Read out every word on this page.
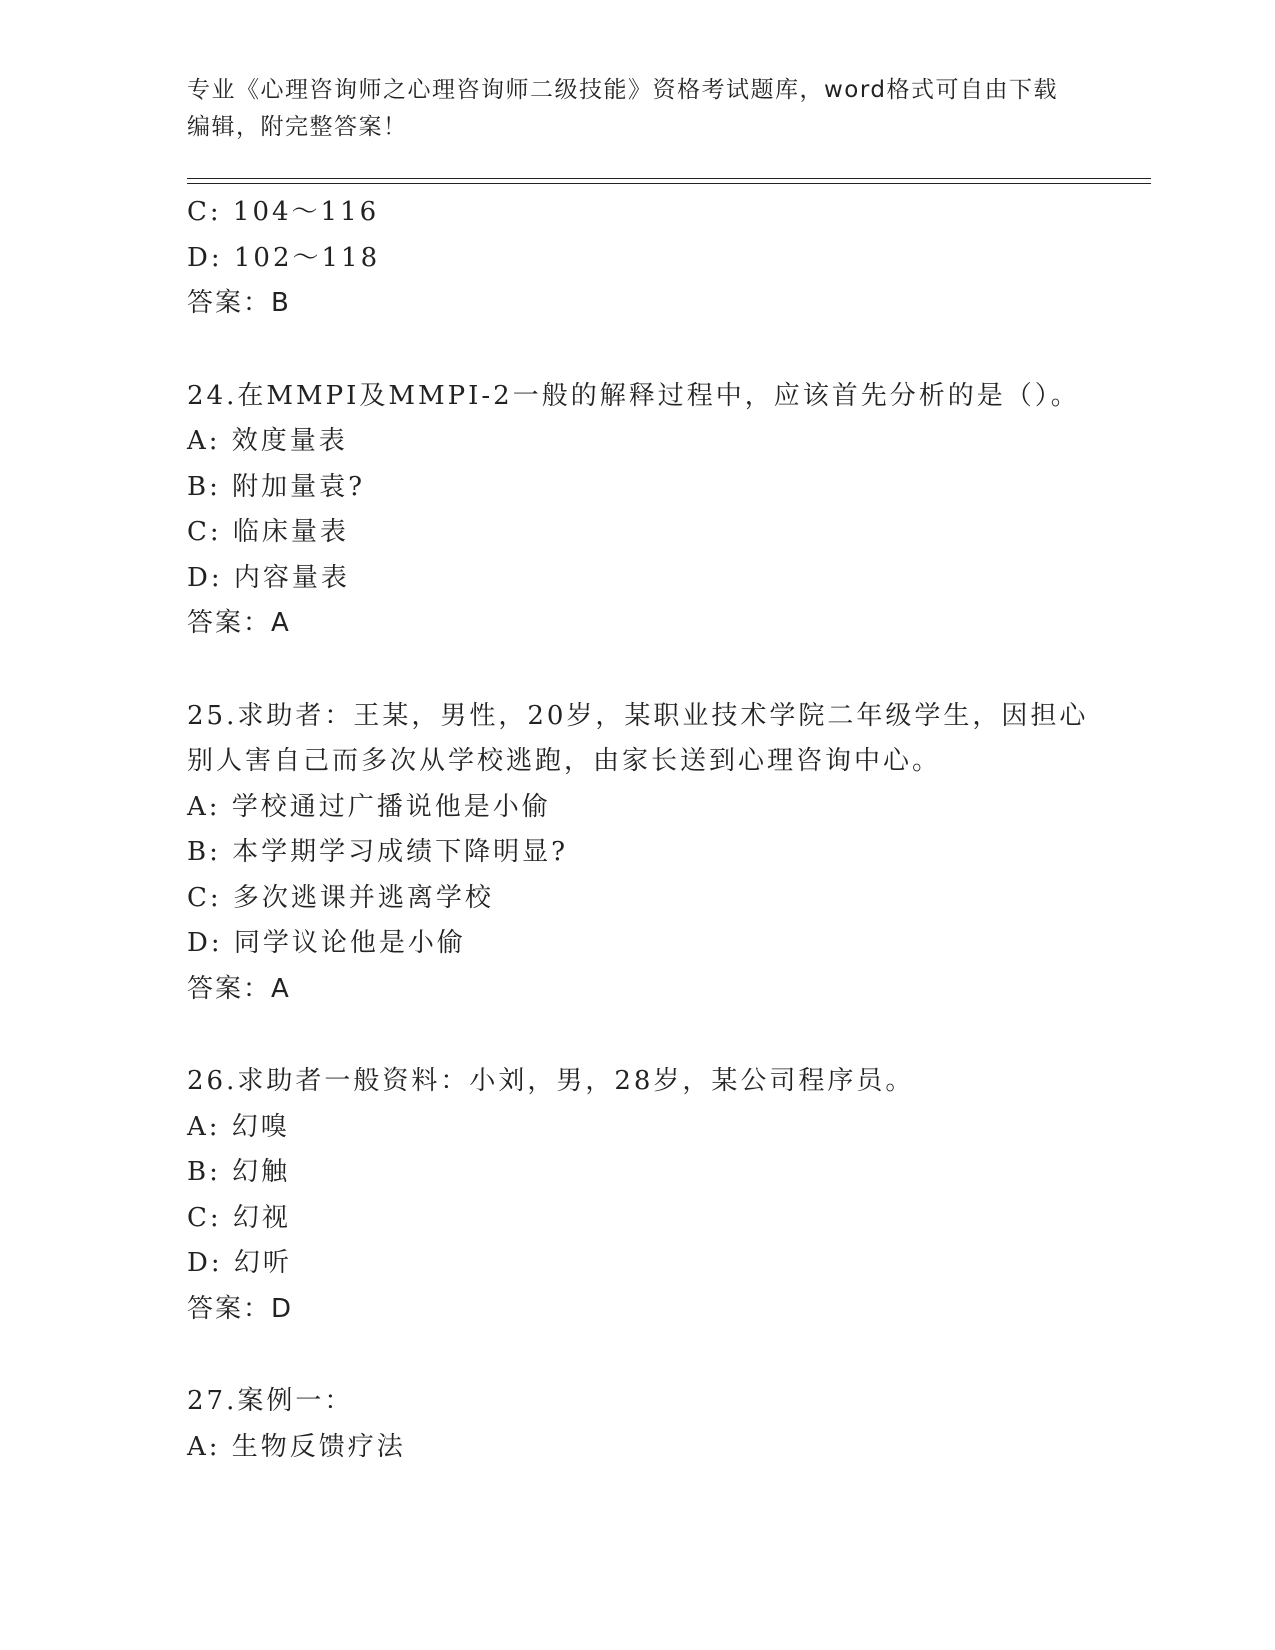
专业《心理咨询师之心理咨询师二级技能》资格考试题库，word格式可自由下载
编辑，附完整答案！
C: 104～116
D: 102～118
答案：B
24.在MMPI及MMPI-2一般的解释过程中，应该首先分析的是（）。
A: 效度量表
B: 附加量袁?
C: 临床量表
D: 内容量表
答案：A
25.求助者：王某，男性，20岁，某职业技术学院二年级学生，因担心
别人害自己而多次从学校逃跑，由家长送到心理咨询中心。
A: 学校通过广播说他是小偷
B: 本学期学习成绩下降明显?
C: 多次逃课并逃离学校
D: 同学议论他是小偷
答案：A
26.求助者一般资料：小刘，男，28岁，某公司程序员。
A: 幻嗅
B: 幻触
C: 幻视
D: 幻听
答案：D
27.案例一：
A: 生物反馈疗法
